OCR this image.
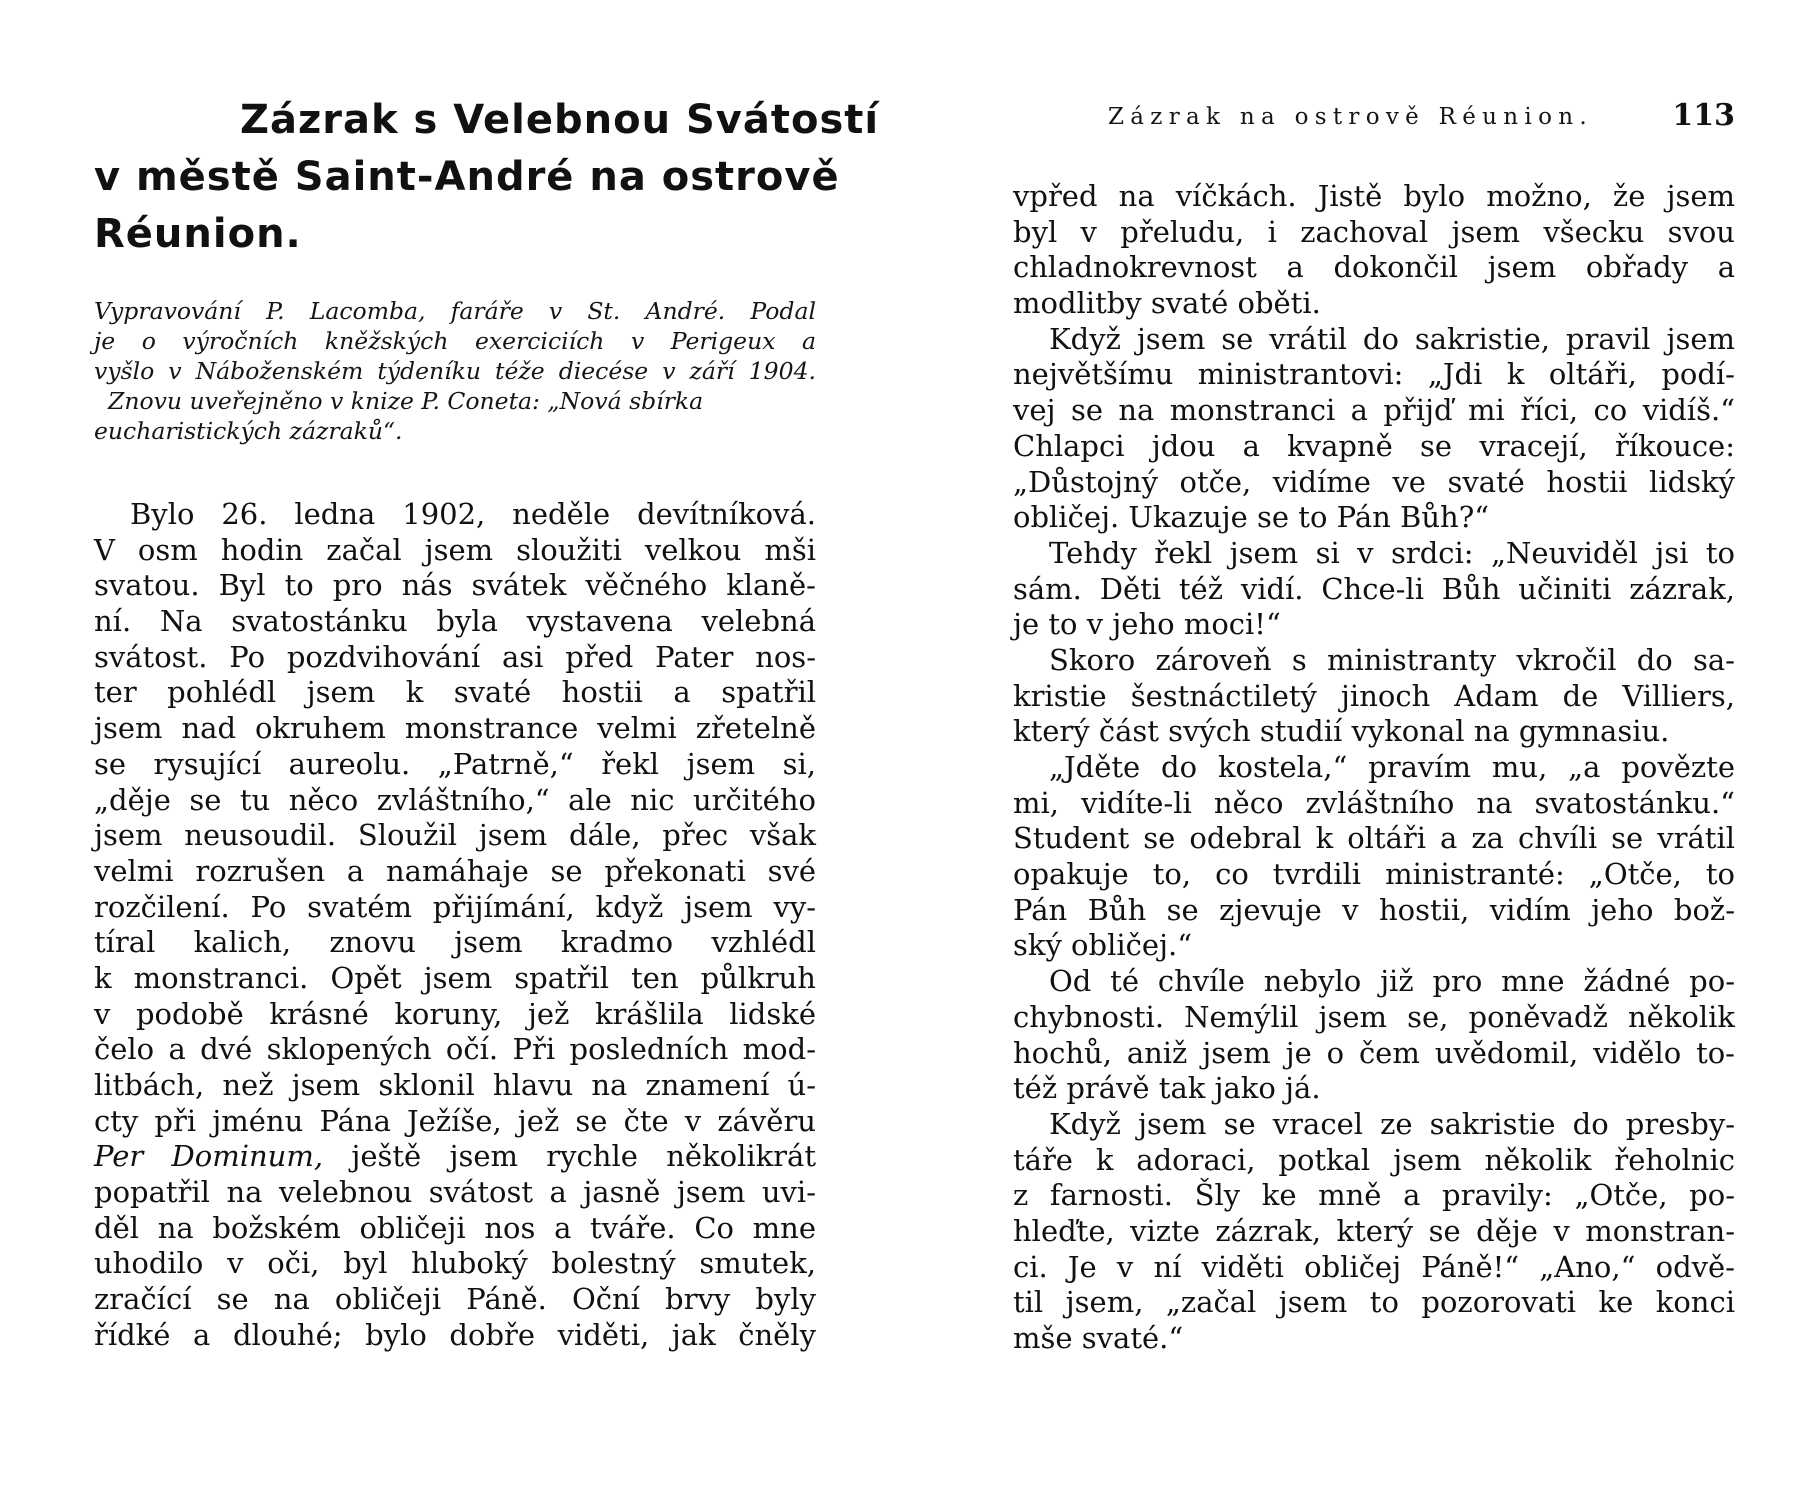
Zázrak s Velebnou Svátostí
v městě Saint-André na ostrově
Réunion.
Vypravování P. Lacomba, faráře v St. André. Podal
je o výročních kněžských exerciciích v Perigeux a
vyšlo v Náboženském týdeníku téže diecése v září 1904.
Znovu uveřejněno v knize P. Coneta: „Nová sbírka
eucharistických zázraků“.
Bylo 26. ledna 1902, neděle devítníková.
V osm hodin začal jsem sloužiti velkou mši
svatou. Byl to pro nás svátek věčného klaně-
ní. Na svatostánku byla vystavena velebná
svátost. Po pozdvihování asi před Pater nos-
ter pohlédl jsem k svaté hostii a spatřil
jsem nad okruhem monstrance velmi zřetelně
se rysující aureolu. „Patrně,“ řekl jsem si,
„děje se tu něco zvláštního,“ ale nic určitého
jsem neusoudil. Sloužil jsem dále, přec však
velmi rozrušen a namáhaje se překonati své
rozčilení. Po svatém přijímání, když jsem vy-
tíral kalich, znovu jsem kradmo vzhlédl
k monstranci. Opět jsem spatřil ten půlkruh
v podobě krásné koruny, jež krášlila lidské
čelo a dvé sklopených očí. Při posledních mod-
litbách, než jsem sklonil hlavu na znamení ú-
cty při jménu Pána Ježíše, jež se čte v závěru
Per Dominum, ještě jsem rychle několikrát
popatřil na velebnou svátost a jasně jsem uvi-
děl na božském obličeji nos a tváře. Co mne
uhodilo v oči, byl hluboký bolestný smutek,
zračící se na obličeji Páně. Oční brvy byly
řídké a dlouhé; bylo dobře viděti, jak čněly
Zázrak na ostrově Réunion.	113
vpřed na víčkách. Jistě bylo možno, že jsem
byl v přeludu, i zachoval jsem všecku svou
chladnokrevnost a dokončil jsem obřady a
modlitby svaté oběti.
Když jsem se vrátil do sakristie, pravil jsem
největšímu ministrantovi: „Jdi k oltáři, podí-
vej se na monstranci a přijď mi říci, co vidíš.“
Chlapci jdou a kvapně se vracejí, říkouce:
„Důstojný otče, vidíme ve svaté hostii lidský
obličej. Ukazuje se to Pán Bůh?“
Tehdy řekl jsem si v srdci: „Neuviděl jsi to
sám. Děti též vidí. Chce-li Bůh učiniti zázrak,
je to v jeho moci!“
Skoro zároveň s ministranty vkročil do sa-
kristie šestnáctiletý jinoch Adam de Villiers,
který část svých studií vykonal na gymnasiu.
„Jděte do kostela,“ pravím mu, „a povězte
mi, vidíte-li něco zvláštního na svatostánku.“
Student se odebral k oltáři a za chvíli se vrátil
opakuje to, co tvrdili ministranté: „Otče, to
Pán Bůh se zjevuje v hostii, vidím jeho bož-
ský obličej.“
Od té chvíle nebylo již pro mne žádné po-
chybnosti. Nemýlil jsem se, poněvadž několik
hochů, aniž jsem je o čem uvědomil, vidělo to-
též právě tak jako já.
Když jsem se vracel ze sakristie do presby-
táře k adoraci, potkal jsem několik řeholnic
z farnosti. Šly ke mně a pravily: „Otče, po-
hleďte, vizte zázrak, který se děje v monstran-
ci. Je v ní viděti obličej Páně!“ „Ano,“ odvě-
til jsem, „začal jsem to pozorovati ke konci
mše svaté.“
